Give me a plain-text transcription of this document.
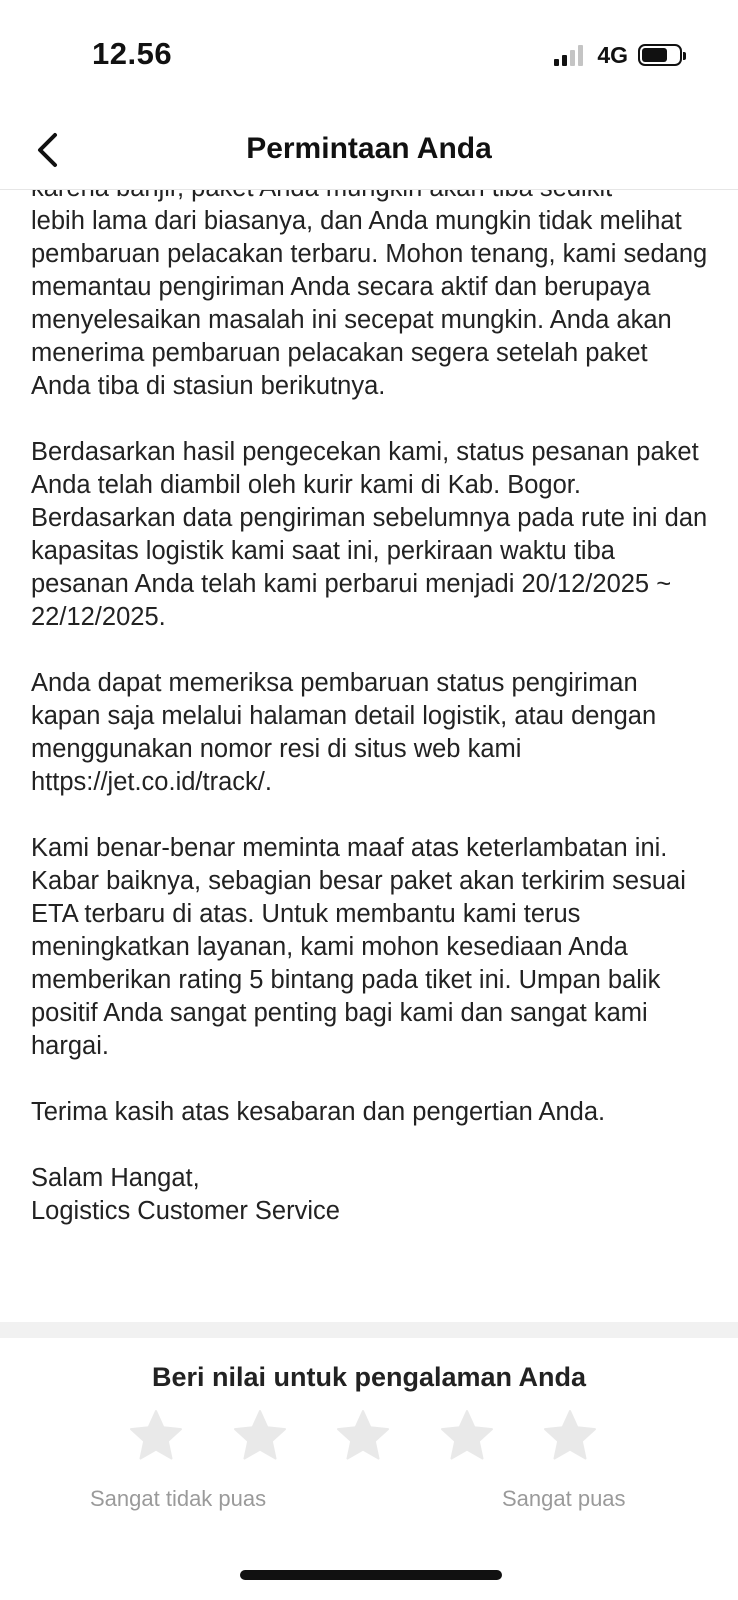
12.56	4G
Permintaan Anda

lebih lama dari biasanya, dan Anda mungkin tidak melihat pembaruan pelacakan terbaru. Mohon tenang, kami sedang memantau pengiriman Anda secara aktif dan berupaya menyelesaikan masalah ini secepat mungkin. Anda akan menerima pembaruan pelacakan segera setelah paket Anda tiba di stasiun berikutnya.

Berdasarkan hasil pengecekan kami, status pesanan paket Anda telah diambil oleh kurir kami di Kab. Bogor. Berdasarkan data pengiriman sebelumnya pada rute ini dan kapasitas logistik kami saat ini, perkiraan waktu tiba pesanan Anda telah kami perbarui menjadi 20/12/2025 ~ 22/12/2025.

Anda dapat memeriksa pembaruan status pengiriman kapan saja melalui halaman detail logistik, atau dengan menggunakan nomor resi di situs web kami https://jet.co.id/track/.

Kami benar-benar meminta maaf atas keterlambatan ini. Kabar baiknya, sebagian besar paket akan terkirim sesuai ETA terbaru di atas. Untuk membantu kami terus meningkatkan layanan, kami mohon kesediaan Anda memberikan rating 5 bintang pada tiket ini. Umpan balik positif Anda sangat penting bagi kami dan sangat kami hargai.

Terima kasih atas kesabaran dan pengertian Anda.

Salam Hangat,
Logistics Customer Service
Beri nilai untuk pengalaman Anda
Sangat tidak puas	Sangat puas
